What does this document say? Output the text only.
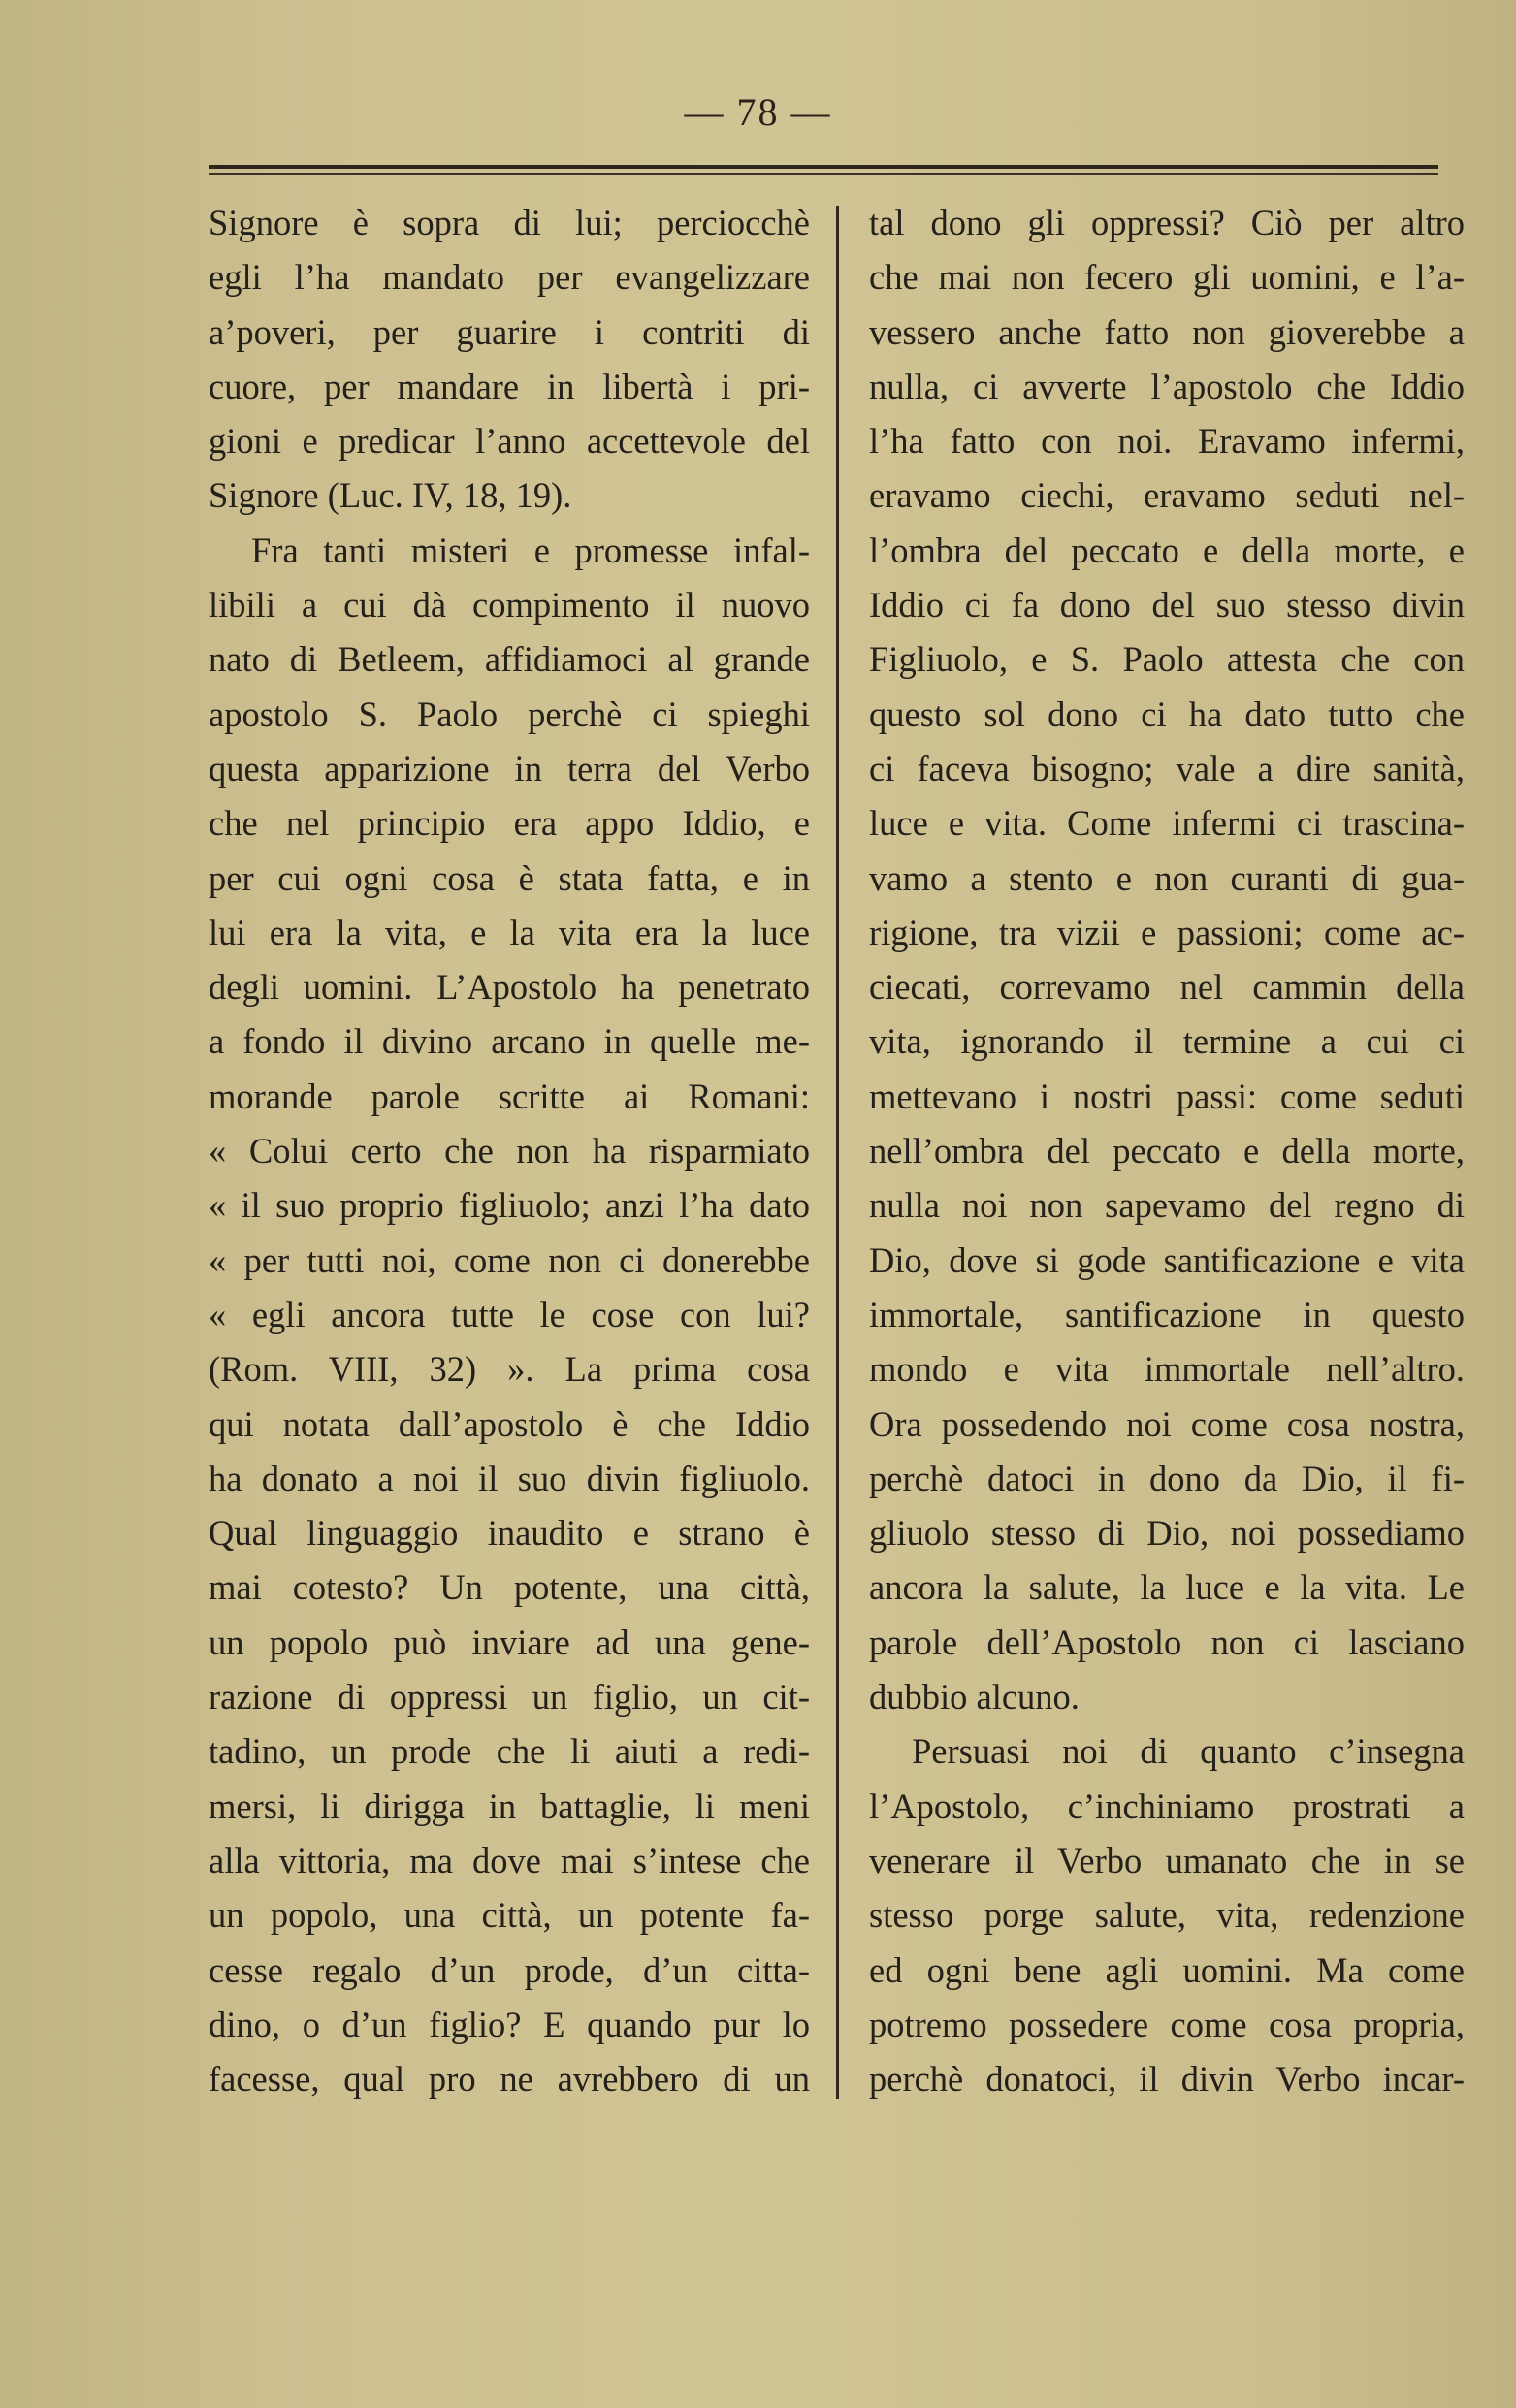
— 78 —
Signore è sopra di lui; perciocchè
egli l’ha mandato per evangelizzare
a’poveri, per guarire i contriti di
cuore, per mandare in libertà i pri-
gioni e predicar l’anno accettevole del
Signore (Luc. IV, 18, 19).
Fra tanti misteri e promesse infal-
libili a cui dà compimento il nuovo
nato di Betleem, affidiamoci al grande
apostolo S. Paolo perchè ci spieghi
questa apparizione in terra del Verbo
che nel principio era appo Iddio, e
per cui ogni cosa è stata fatta, e in
lui era la vita, e la vita era la luce
degli uomini. L’Apostolo ha penetrato
a fondo il divino arcano in quelle me-
morande parole scritte ai Romani:
« Colui certo che non ha risparmiato
« il suo proprio figliuolo; anzi l’ha dato
« per tutti noi, come non ci donerebbe
« egli ancora tutte le cose con lui?
(Rom. VIII, 32) ». La prima cosa
qui notata dall’apostolo è che Iddio
ha donato a noi il suo divin figliuolo.
Qual linguaggio inaudito e strano è
mai cotesto? Un potente, una città,
un popolo può inviare ad una gene-
razione di oppressi un figlio, un cit-
tadino, un prode che li aiuti a redi-
mersi, li dirigga in battaglie, li meni
alla vittoria, ma dove mai s’intese che
un popolo, una città, un potente fa-
cesse regalo d’un prode, d’un citta-
dino, o d’un figlio? E quando pur lo
facesse, qual pro ne avrebbero di un
tal dono gli oppressi? Ciò per altro
che mai non fecero gli uomini, e l’a-
vessero anche fatto non gioverebbe a
nulla, ci avverte l’apostolo che Iddio
l’ha fatto con noi. Eravamo infermi,
eravamo ciechi, eravamo seduti nel-
l’ombra del peccato e della morte, e
Iddio ci fa dono del suo stesso divin
Figliuolo, e S. Paolo attesta che con
questo sol dono ci ha dato tutto che
ci faceva bisogno; vale a dire sanità,
luce e vita. Come infermi ci trascina-
vamo a stento e non curanti di gua-
rigione, tra vizii e passioni; come ac-
ciecati, correvamo nel cammin della
vita, ignorando il termine a cui ci
mettevano i nostri passi: come seduti
nell’ombra del peccato e della morte,
nulla noi non sapevamo del regno di
Dio, dove si gode santificazione e vita
immortale, santificazione in questo
mondo e vita immortale nell’altro.
Ora possedendo noi come cosa nostra,
perchè datoci in dono da Dio, il fi-
gliuolo stesso di Dio, noi possediamo
ancora la salute, la luce e la vita. Le
parole dell’Apostolo non ci lasciano
dubbio alcuno.
Persuasi noi di quanto c’insegna
l’Apostolo, c’inchiniamo prostrati a
venerare il Verbo umanato che in se
stesso porge salute, vita, redenzione
ed ogni bene agli uomini. Ma come
potremo possedere come cosa propria,
perchè donatoci, il divin Verbo incar-
